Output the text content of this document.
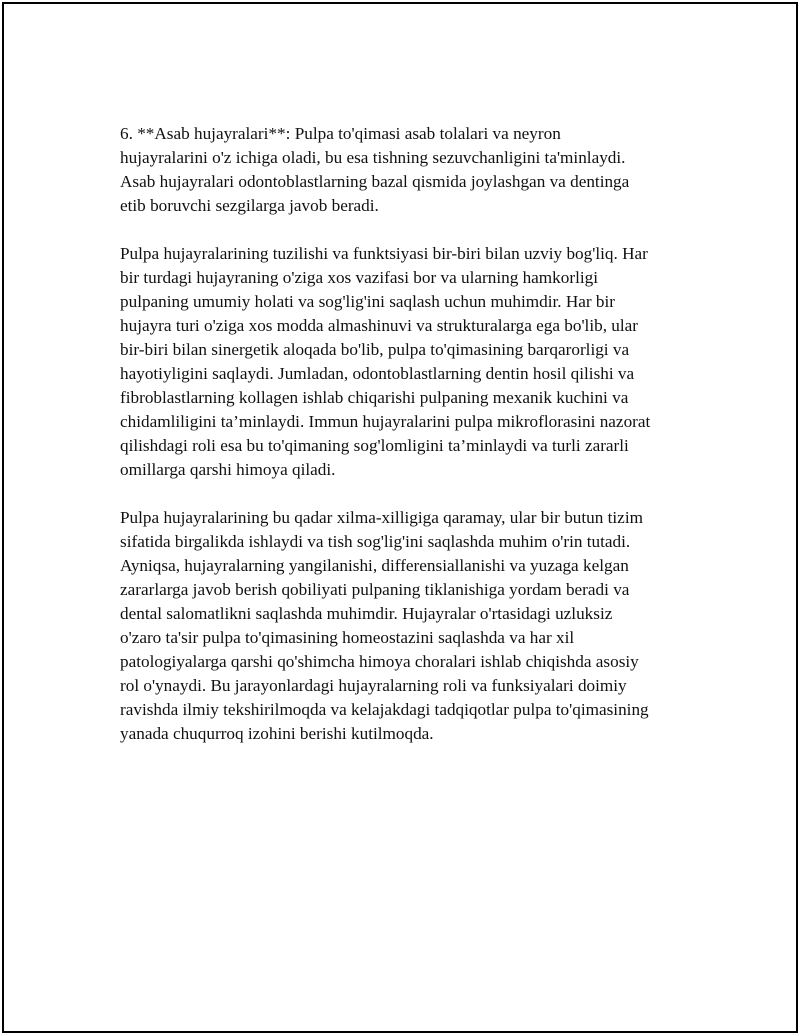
6. **Asab hujayralari**: Pulpa to'qimasi asab tolalari va neyron
hujayralarini o'z ichiga oladi, bu esa tishning sezuvchanligini ta'minlaydi.
Asab hujayralari odontoblastlarning bazal qismida joylashgan va dentinga
etib boruvchi sezgilarga javob beradi.

Pulpa hujayralarining tuzilishi va funktsiyasi bir-biri bilan uzviy bog'liq. Har
bir turdagi hujayraning o'ziga xos vazifasi bor va ularning hamkorligi
pulpaning umumiy holati va sog'lig'ini saqlash uchun muhimdir. Har bir
hujayra turi o'ziga xos modda almashinuvi va strukturalarga ega bo'lib, ular
bir-biri bilan sinergetik aloqada bo'lib, pulpa to'qimasining barqarorligi va
hayotiyligini saqlaydi. Jumladan, odontoblastlarning dentin hosil qilishi va
fibroblastlarning kollagen ishlab chiqarishi pulpaning mexanik kuchini va
chidamliligini ta’minlaydi. Immun hujayralarini pulpa mikroflorasini nazorat
qilishdagi roli esa bu to'qimaning sog'lomligini ta’minlaydi va turli zararli
omillarga qarshi himoya qiladi.

Pulpa hujayralarining bu qadar xilma-xilligiga qaramay, ular bir butun tizim
sifatida birgalikda ishlaydi va tish sog'lig'ini saqlashda muhim o'rin tutadi.
Ayniqsa, hujayralarning yangilanishi, differensiallanishi va yuzaga kelgan
zararlarga javob berish qobiliyati pulpaning tiklanishiga yordam beradi va
dental salomatlikni saqlashda muhimdir. Hujayralar o'rtasidagi uzluksiz
o'zaro ta'sir pulpa to'qimasining homeostazini saqlashda va har xil
patologiyalarga qarshi qo'shimcha himoya choralari ishlab chiqishda asosiy
rol o'ynaydi. Bu jarayonlardagi hujayralarning roli va funksiyalari doimiy
ravishda ilmiy tekshirilmoqda va kelajakdagi tadqiqotlar pulpa to'qimasining
yanada chuqurroq izohini berishi kutilmoqda.
